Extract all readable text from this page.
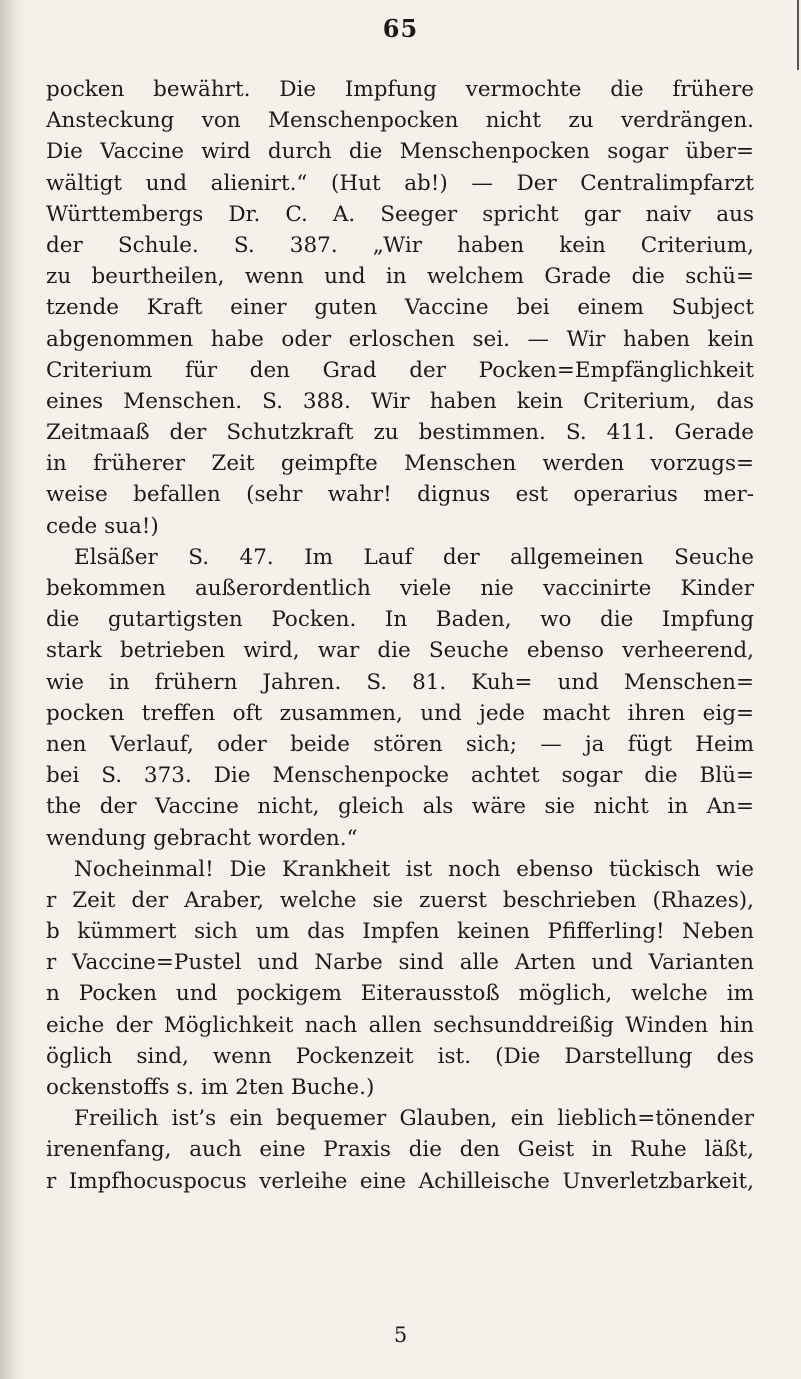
65
pocken bewährt. Die Impfung vermochte die frühere
Ansteckung von Menschenpocken nicht zu verdrängen.
Die Vaccine wird durch die Menschenpocken sogar über=
wältigt und alienirt.“ (Hut ab!) — Der Centralimpfarzt
Württembergs Dr. C. A. Seeger spricht gar naiv aus
der Schule. S. 387. „Wir haben kein Criterium,
zu beurtheilen, wenn und in welchem Grade die schü=
tzende Kraft einer guten Vaccine bei einem Subject
abgenommen habe oder erloschen sei. — Wir haben kein
Criterium für den Grad der Pocken=Empfänglichkeit
eines Menschen. S. 388. Wir haben kein Criterium, das
Zeitmaaß der Schutzkraft zu bestimmen. S. 411. Gerade
in früherer Zeit geimpfte Menschen werden vorzugs=
weise befallen (sehr wahr! dignus est operarius mer-
cede sua!)
Elsäßer S. 47. Im Lauf der allgemeinen Seuche
bekommen außerordentlich viele nie vaccinirte Kinder
die gutartigsten Pocken. In Baden, wo die Impfung
stark betrieben wird, war die Seuche ebenso verheerend,
wie in frühern Jahren. S. 81. Kuh= und Menschen=
pocken treffen oft zusammen, und jede macht ihren eig=
nen Verlauf, oder beide stören sich; — ja fügt Heim
bei S. 373. Die Menschenpocke achtet sogar die Blü=
the der Vaccine nicht, gleich als wäre sie nicht in An=
wendung gebracht worden.“
Nocheinmal! Die Krankheit ist noch ebenso tückisch wie
r Zeit der Araber, welche sie zuerst beschrieben (Rhazes),
b kümmert sich um das Impfen keinen Pfifferling! Neben
r Vaccine=Pustel und Narbe sind alle Arten und Varianten
n Pocken und pockigem Eiterausstoß möglich, welche im
eiche der Möglichkeit nach allen sechsunddreißig Winden hin
öglich sind, wenn Pockenzeit ist. (Die Darstellung des
ockenstoffs s. im 2ten Buche.)
Freilich ist’s ein bequemer Glauben, ein lieblich=tönender
irenenfang, auch eine Praxis die den Geist in Ruhe läßt,
r Impfhocuspocus verleihe eine Achilleische Unverletzbarkeit,
5
